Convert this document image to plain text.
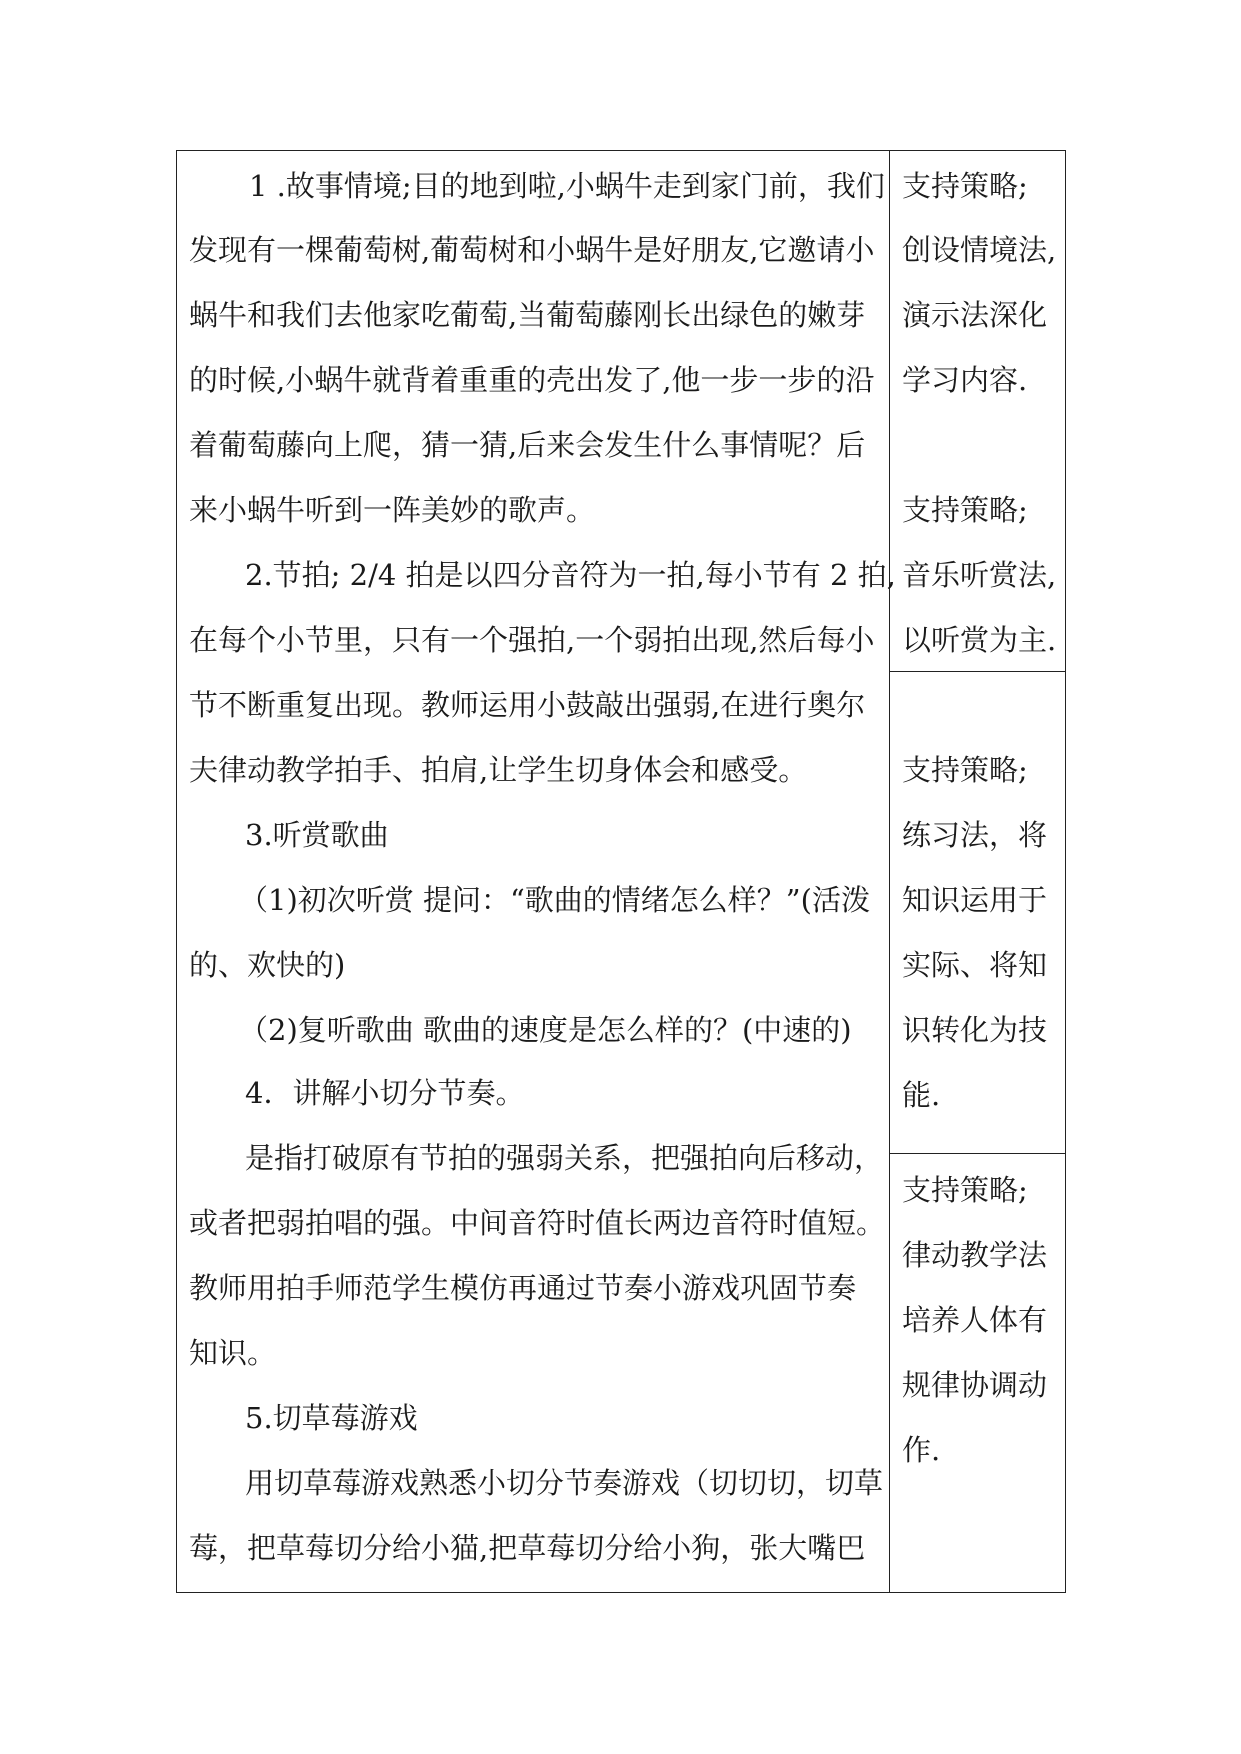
1 .故事情境;目的地到啦,小蜗牛走到家门前，我们
发现有一棵葡萄树,葡萄树和小蜗牛是好朋友,它邀请小
蜗牛和我们去他家吃葡萄,当葡萄藤刚长出绿色的嫩芽
的时候,小蜗牛就背着重重的壳出发了,他一步一步的沿
着葡萄藤向上爬，猜一猜,后来会发生什么事情呢？后
来小蜗牛听到一阵美妙的歌声。
2.节拍; 2/4 拍是以四分音符为一拍,每小节有 2 拍,
在每个小节里，只有一个强拍,一个弱拍出现,然后每小
节不断重复出现。教师运用小鼓敲出强弱,在进行奥尔
夫律动教学拍手、拍肩,让学生切身体会和感受。
3.听赏歌曲
（1)初次听赏 提问：“歌曲的情绪怎么样？”(活泼
的、欢快的)
（2)复听歌曲 歌曲的速度是怎么样的？(中速的)
4．讲解小切分节奏。
是指打破原有节拍的强弱关系，把强拍向后移动，
或者把弱拍唱的强。中间音符时值长两边音符时值短。
教师用拍手师范学生模仿再通过节奏小游戏巩固节奏
知识。
5.切草莓游戏
用切草莓游戏熟悉小切分节奏游戏（切切切，切草
莓，把草莓切分给小猫,把草莓切分给小狗，张大嘴巴
支持策略;
创设情境法,
演示法深化
学习内容.
支持策略;
音乐听赏法,
以听赏为主.
支持策略;
练习法，将
知识运用于
实际、将知
识转化为技
能.
支持策略;
律动教学法
培养人体有
规律协调动
作.
